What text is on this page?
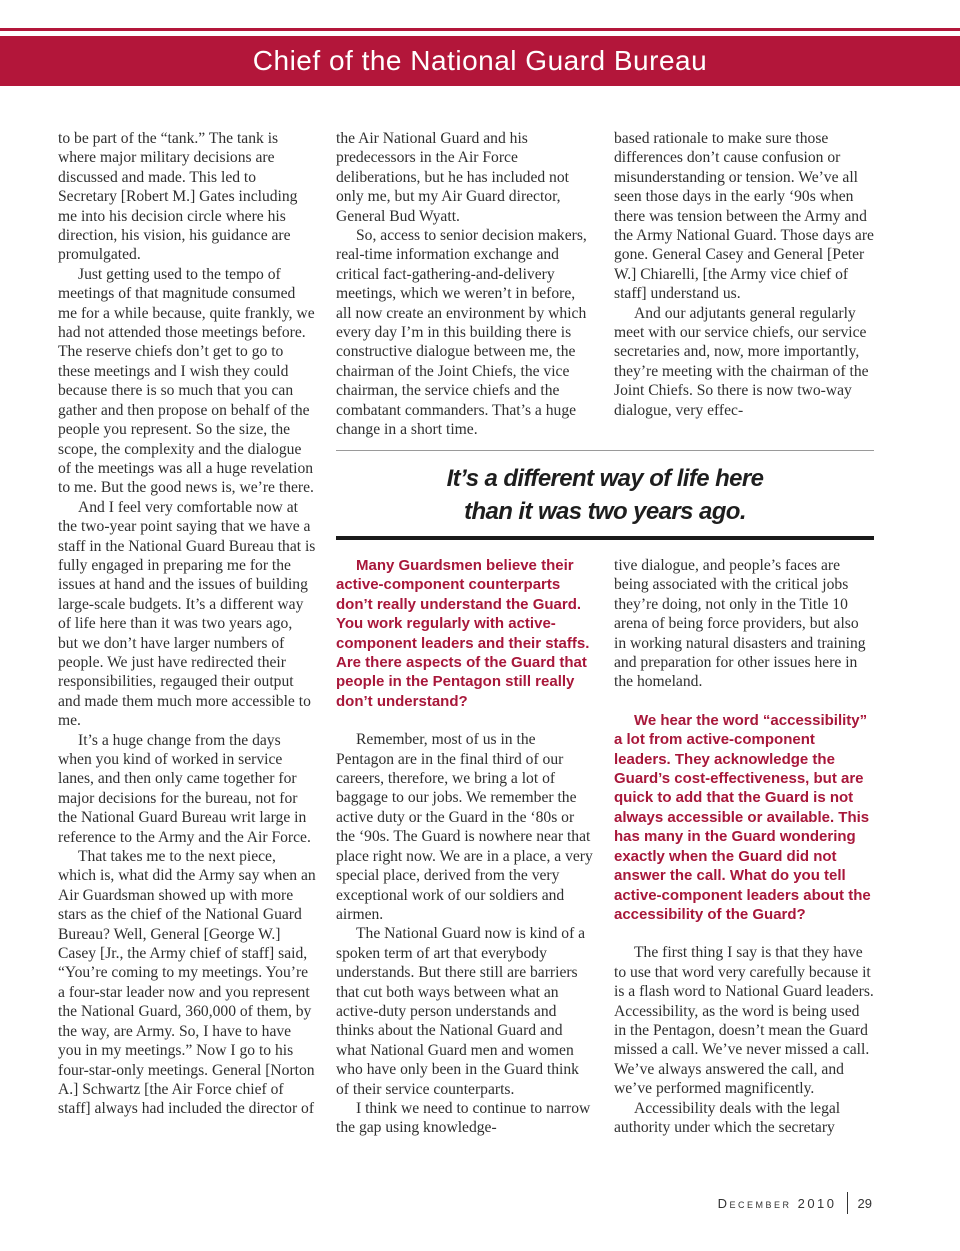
Chief of the National Guard Bureau

to be part of the “tank.” The tank is where major military decisions are discussed and made. This led to Secretary [Robert M.] Gates including me into his decision circle where his direction, his vision, his guidance are promulgated.

Just getting used to the tempo of meetings of that magnitude consumed me for a while because, quite frankly, we had not attended those meetings before. The reserve chiefs don’t get to go to these meetings and I wish they could because there is so much that you can gather and then propose on behalf of the people you represent. So the size, the scope, the complexity and the dialogue of the meetings was all a huge revelation to me. But the good news is, we’re there.

And I feel very comfortable now at the two-year point saying that we have a staff in the National Guard Bureau that is fully engaged in preparing me for the issues at hand and the issues of building large-scale budgets. It’s a different way of life here than it was two years ago, but we don’t have larger numbers of people. We just have redirected their responsibilities, regauged their output and made them much more accessible to me.

It’s a huge change from the days when you kind of worked in service lanes, and then only came together for major decisions for the bureau, not for the National Guard Bureau writ large in reference to the Army and the Air Force.

That takes me to the next piece, which is, what did the Army say when an Air Guardsman showed up with more stars as the chief of the National Guard Bureau? Well, General [George W.] Casey [Jr., the Army chief of staff] said, “You’re coming to my meetings. You’re a four-star leader now and you represent the National Guard, 360,000 of them, by the way, are Army. So, I have to have you in my meetings.” Now I go to his four-star-only meetings. General [Norton A.] Schwartz [the Air Force chief of staff] always had included the director of

the Air National Guard and his predecessors in the Air Force deliberations, but he has included not only me, but my Air Guard director, General Bud Wyatt.

So, access to senior decision makers, real-time information exchange and critical fact-gathering-and-delivery meetings, which we weren’t in before, all now create an environment by which every day I’m in this building there is constructive dialogue between me, the chairman of the Joint Chiefs, the vice chairman, the service chiefs and the combatant commanders. That’s a huge change in a short time.

based rationale to make sure those differences don’t cause confusion or misunderstanding or tension. We’ve all seen those days in the early ‘90s when there was tension between the Army and the Army National Guard. Those days are gone. General Casey and General [Peter W.] Chiarelli, [the Army vice chief of staff] understand us.

And our adjutants general regularly meet with our service chiefs, our service secretaries and, now, more importantly, they’re meeting with the chairman of the Joint Chiefs. So there is now two-way dialogue, very effec-

It’s a different way of life here
than it was two years ago.

Many Guardsmen believe their active-component counterparts don’t really understand the Guard. You work regularly with active-component leaders and their staffs. Are there aspects of the Guard that people in the Pentagon still really don’t understand?

Remember, most of us in the Pentagon are in the final third of our careers, therefore, we bring a lot of baggage to our jobs. We remember the active duty or the Guard in the ‘80s or the ‘90s. The Guard is nowhere near that place right now. We are in a place, a very special place, derived from the very exceptional work of our soldiers and airmen.

The National Guard now is kind of a spoken term of art that everybody understands. But there still are barriers that cut both ways between what an active-duty person understands and thinks about the National Guard and what National Guard men and women who have only been in the Guard think of their service counterparts.

I think we need to continue to narrow the gap using knowledge-

tive dialogue, and people’s faces are being associated with the critical jobs they’re doing, not only in the Title 10 arena of being force providers, but also in working natural disasters and training and preparation for other issues here in the homeland.

We hear the word “accessibility” a lot from active-component leaders. They acknowledge the Guard’s cost-effectiveness, but are quick to add that the Guard is not always accessible or available. This has many in the Guard wondering exactly when the Guard did not answer the call. What do you tell active-component leaders about the accessibility of the Guard?

The first thing I say is that they have to use that word very carefully because it is a flash word to National Guard leaders. Accessibility, as the word is being used in the Pentagon, doesn’t mean the Guard missed a call. We’ve never missed a call. We’ve always answered the call, and we’ve performed magnificently.

Accessibility deals with the legal authority under which the secretary

December 2010 29
